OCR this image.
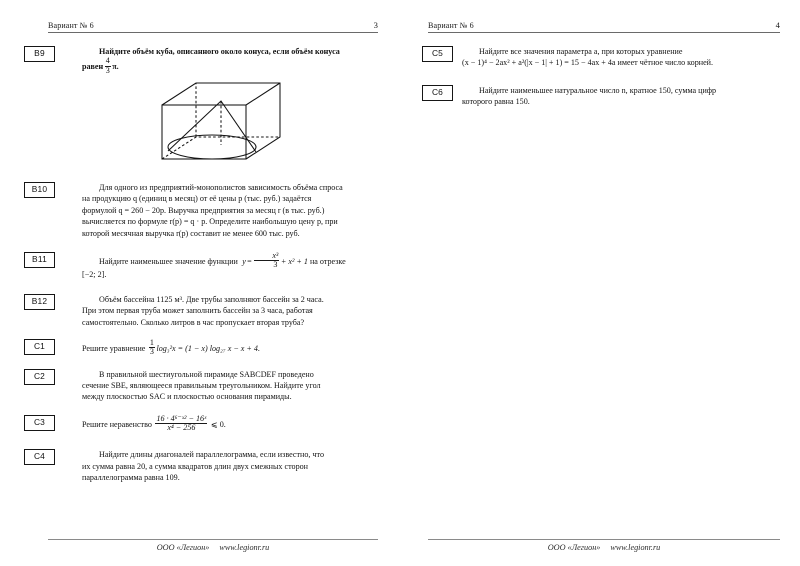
Вариант № 6	3
B9	Найдите объём куба, описанного около конуса, если объём конуса

равен $\frac{4}{3} \pi$.

B10	Для одного из предприятий-монополистов зависимость объёма спроса

на продукцию q (единиц в месяц) от её цены p (тыс. руб.) задаётся

формулой q = 260 − 20p. Выручка предприятия за месяц r (в тыс. руб.)

вычисляется по формуле r(p) = q · p. Определите наибольшую цену p, при

которой месячная выручка r(p) составит не менее 600 тыс. руб.

B11	Найдите наименьшее значение функции $y= \frac{\text{x³}}{3} + x^2 + 1$ на отрезке

[−2; 2].

B12	Объём бассейна 1125 м³. Две трубы заполняют бассейн за 2 часа.

При этом первая труба может заполнить бассейн за 3 часа, работая

самостоятельно. Сколько литров в час пропускает вторая труба?

C1	Решите уравнение $\frac{1}{3} \log_3^2x = (1 - x)$ log₂₇ x − x + 4.

C2	В правильной шестиугольной пирамиде SABCDEF проведено

сечение SBE, являющееся правильным треугольником. Найдите угол

между плоскостью SAC и плоскостью основания пирамиды.

C3	Решите неравенство $\frac{\text{16 · 4⁶⁻ˣ² − 16ˣ}}{\text{x⁴ − 256}}$ ⩽ 0.

C4	Найдите длины диагоналей параллелограмма, если известно, что

их сумма равна 20, а сумма квадратов длин двух смежных сторон

параллелограмма равна 109.

ООО «Легион» www.legionr.ru
Вариант № 6	4
C5	Найдите все значения параметра a, при которых уравнение

(x − 1)⁴ − 2ax² + a²(|x − 1| + 1) = 15 − 4ax + 4a имеет чётное число корней.

C6	Найдите наименьшее натуральное число n, кратное 150, сумма цифр

которого равна 150.

ООО «Легион» www.legionr.ru
